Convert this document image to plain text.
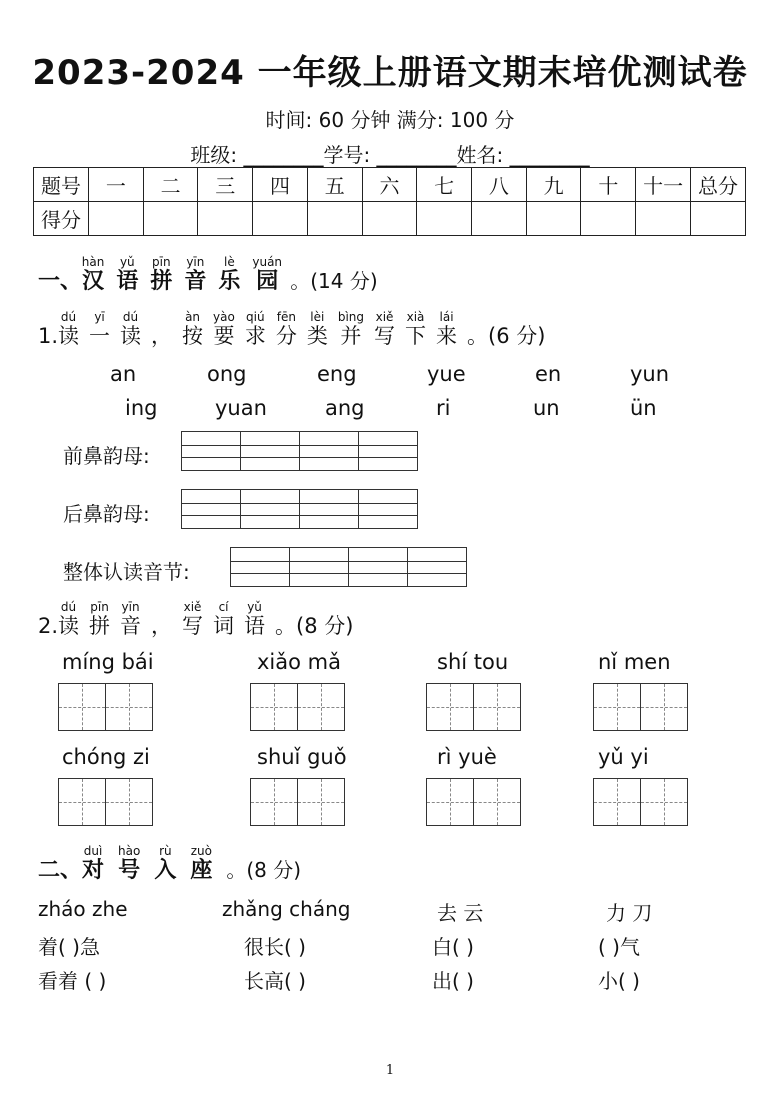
2023-2024 一年级上册语文期末培优测试卷
时间: 60 分钟 满分: 100 分
班级: ________学号: ________姓名: ________
题号	一	二	三	四	五	六	七	八	九	十	十一	总分
得分												
一、汉hàn语yǔ拼pīn音yīn乐lè园yuán。(14 分)
1.读dú一yī读dú， 按àn要yào求qiú分fēn类lèi并bìng写xiě下xià来lái。(6 分)
an	ong	eng	yue	en	yun
ing	yuan	ang	ri	un	ün
前鼻韵母:
后鼻韵母:
整体认读音节:
2.读dú拼pīn音yīn， 写xiě词cí语yǔ。(8 分)
míng bái	xiǎo mǎ	shí tou	nǐ men
chóng zi	shuǐ guǒ	rì yuè	yǔ yi
二、对duì号hào入rù座zuò。(8 分)
zháo zhe	zhǎng cháng	去 云	力 刀
着( )急	很长( )	白( )	( )气
看着 ( )	长高( )	出( )	小( )
1
